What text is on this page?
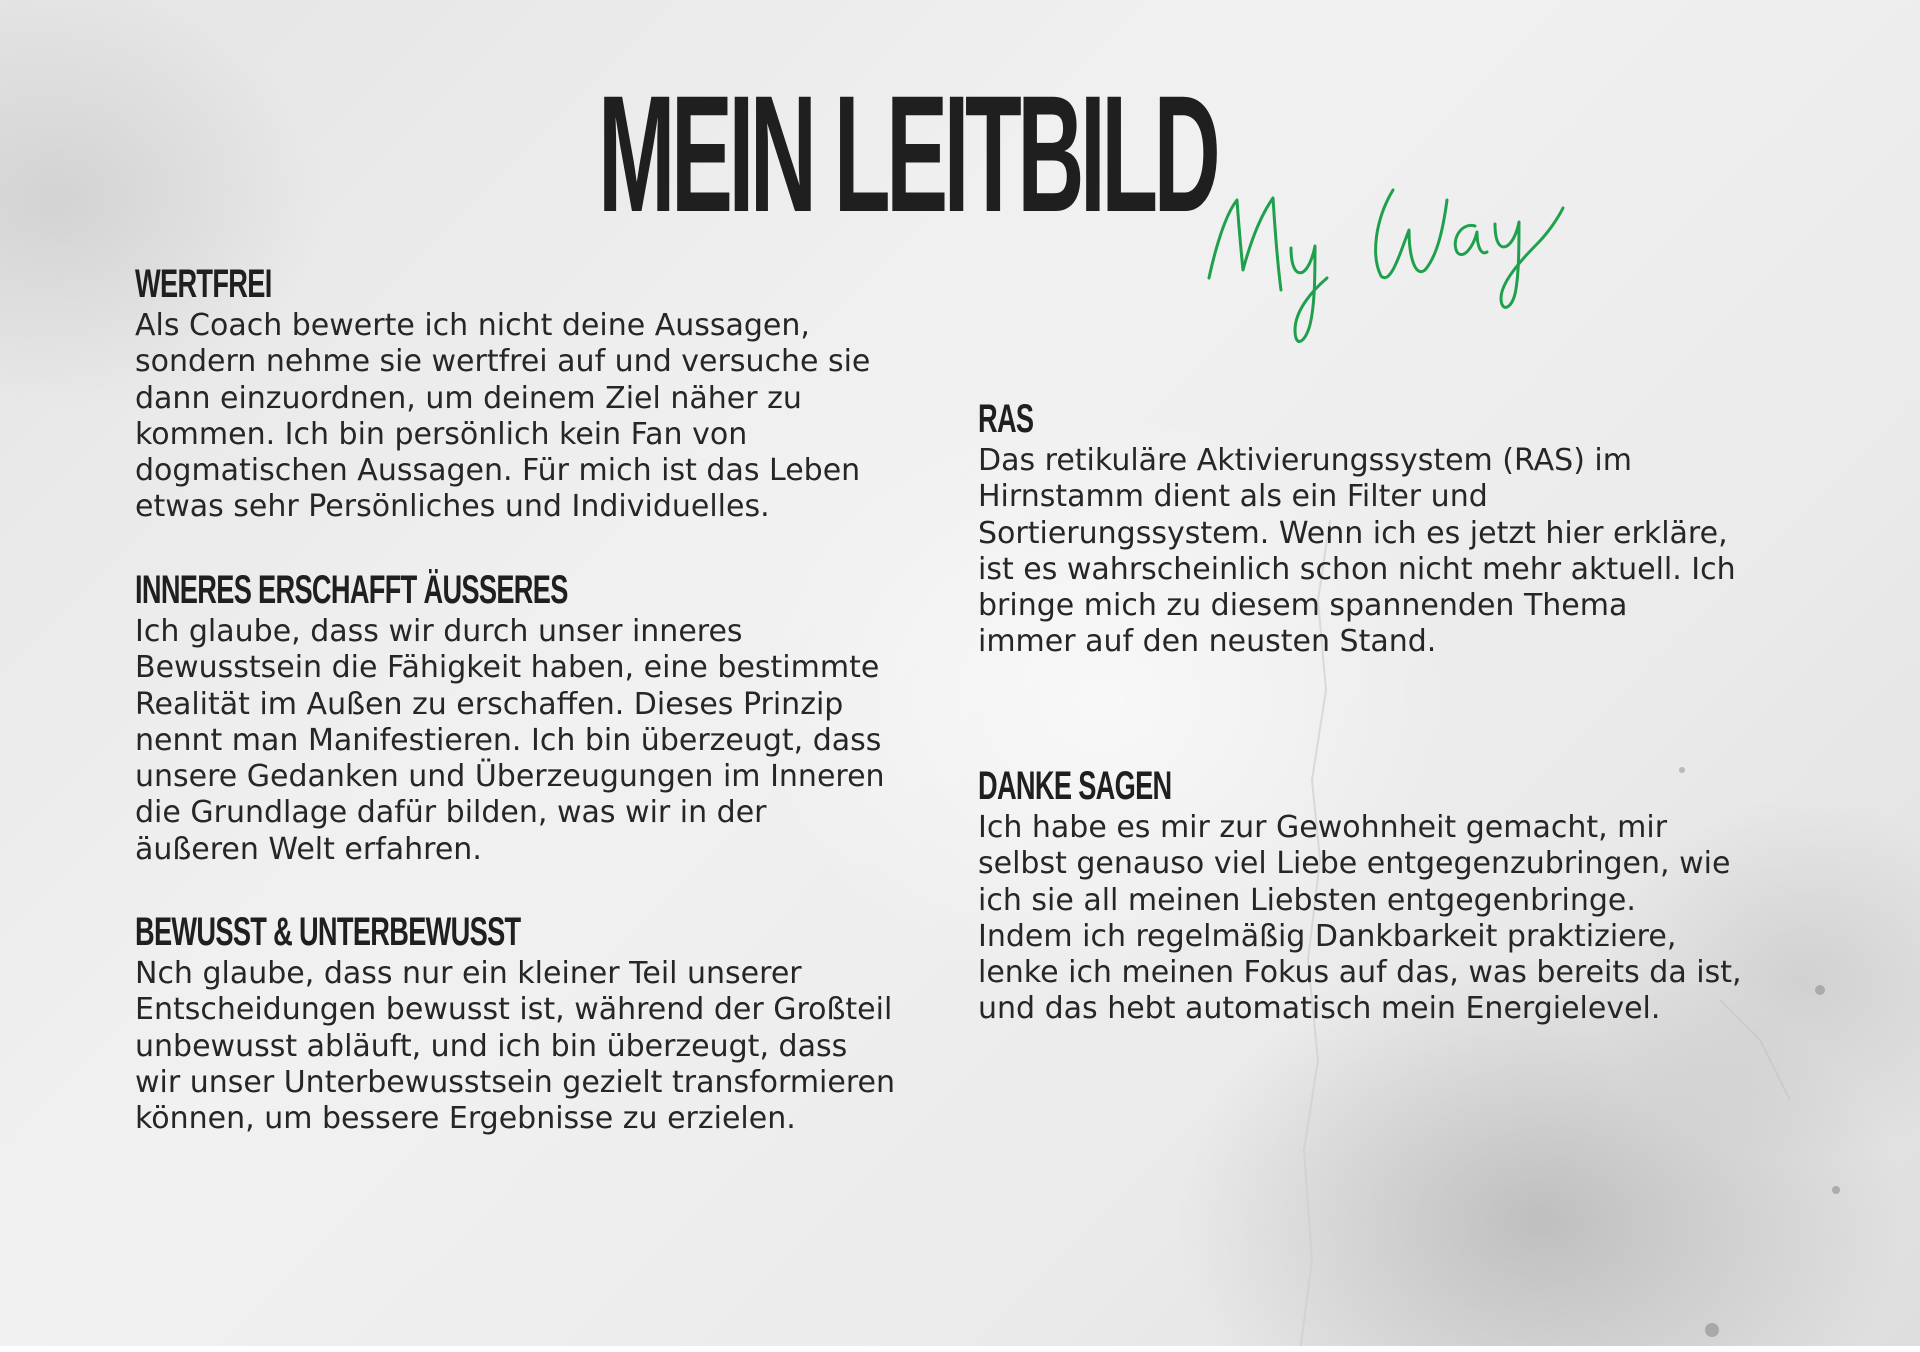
MEIN LEITBILD
WERTFREI

Als Coach bewerte ich nicht deine Aussagen,
sondern nehme sie wertfrei auf und versuche sie
dann einzuordnen, um deinem Ziel näher zu
kommen. Ich bin persönlich kein Fan von
dogmatischen Aussagen. Für mich ist das Leben
etwas sehr Persönliches und Individuelles.

INNERES ERSCHAFFT ÄUSSERES

Ich glaube, dass wir durch unser inneres
Bewusstsein die Fähigkeit haben, eine bestimmte
Realität im Außen zu erschaffen. Dieses Prinzip
nennt man Manifestieren. Ich bin überzeugt, dass
unsere Gedanken und Überzeugungen im Inneren
die Grundlage dafür bilden, was wir in der
äußeren Welt erfahren.

BEWUSST & UNTERBEWUSST

Nch glaube, dass nur ein kleiner Teil unserer
Entscheidungen bewusst ist, während der Großteil
unbewusst abläuft, und ich bin überzeugt, dass
wir unser Unterbewusstsein gezielt transformieren
können, um bessere Ergebnisse zu erzielen.

RAS

Das retikuläre Aktivierungssystem (RAS) im
Hirnstamm dient als ein Filter und
Sortierungssystem. Wenn ich es jetzt hier erkläre,
ist es wahrscheinlich schon nicht mehr aktuell. Ich
bringe mich zu diesem spannenden Thema
immer auf den neusten Stand.

DANKE SAGEN

Ich habe es mir zur Gewohnheit gemacht, mir
selbst genauso viel Liebe entgegenzubringen, wie
ich sie all meinen Liebsten entgegenbringe.
Indem ich regelmäßig Dankbarkeit praktiziere,
lenke ich meinen Fokus auf das, was bereits da ist,
und das hebt automatisch mein Energielevel.
